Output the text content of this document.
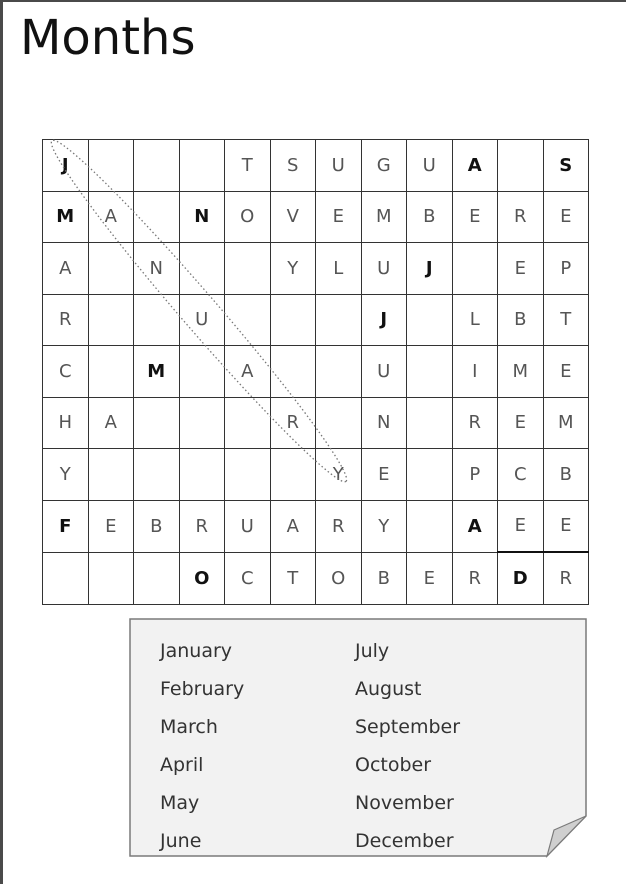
Months
J				T	S	U	G	U	A		S
M	A		N	O	V	E	M	B	E	R	E
A		N			Y	L	U	J		E	P
R			U				J		L	B	T
C		M		A			U		I	M	E
H	A				R		N		R	E	M
Y						Y	E		P	C	B
F	E	B	R	U	A	R	Y		A	E	E
			O	C	T	O	B	E	R	D	R
January
February
March
April
May
June
July
August
September
October
November
December
